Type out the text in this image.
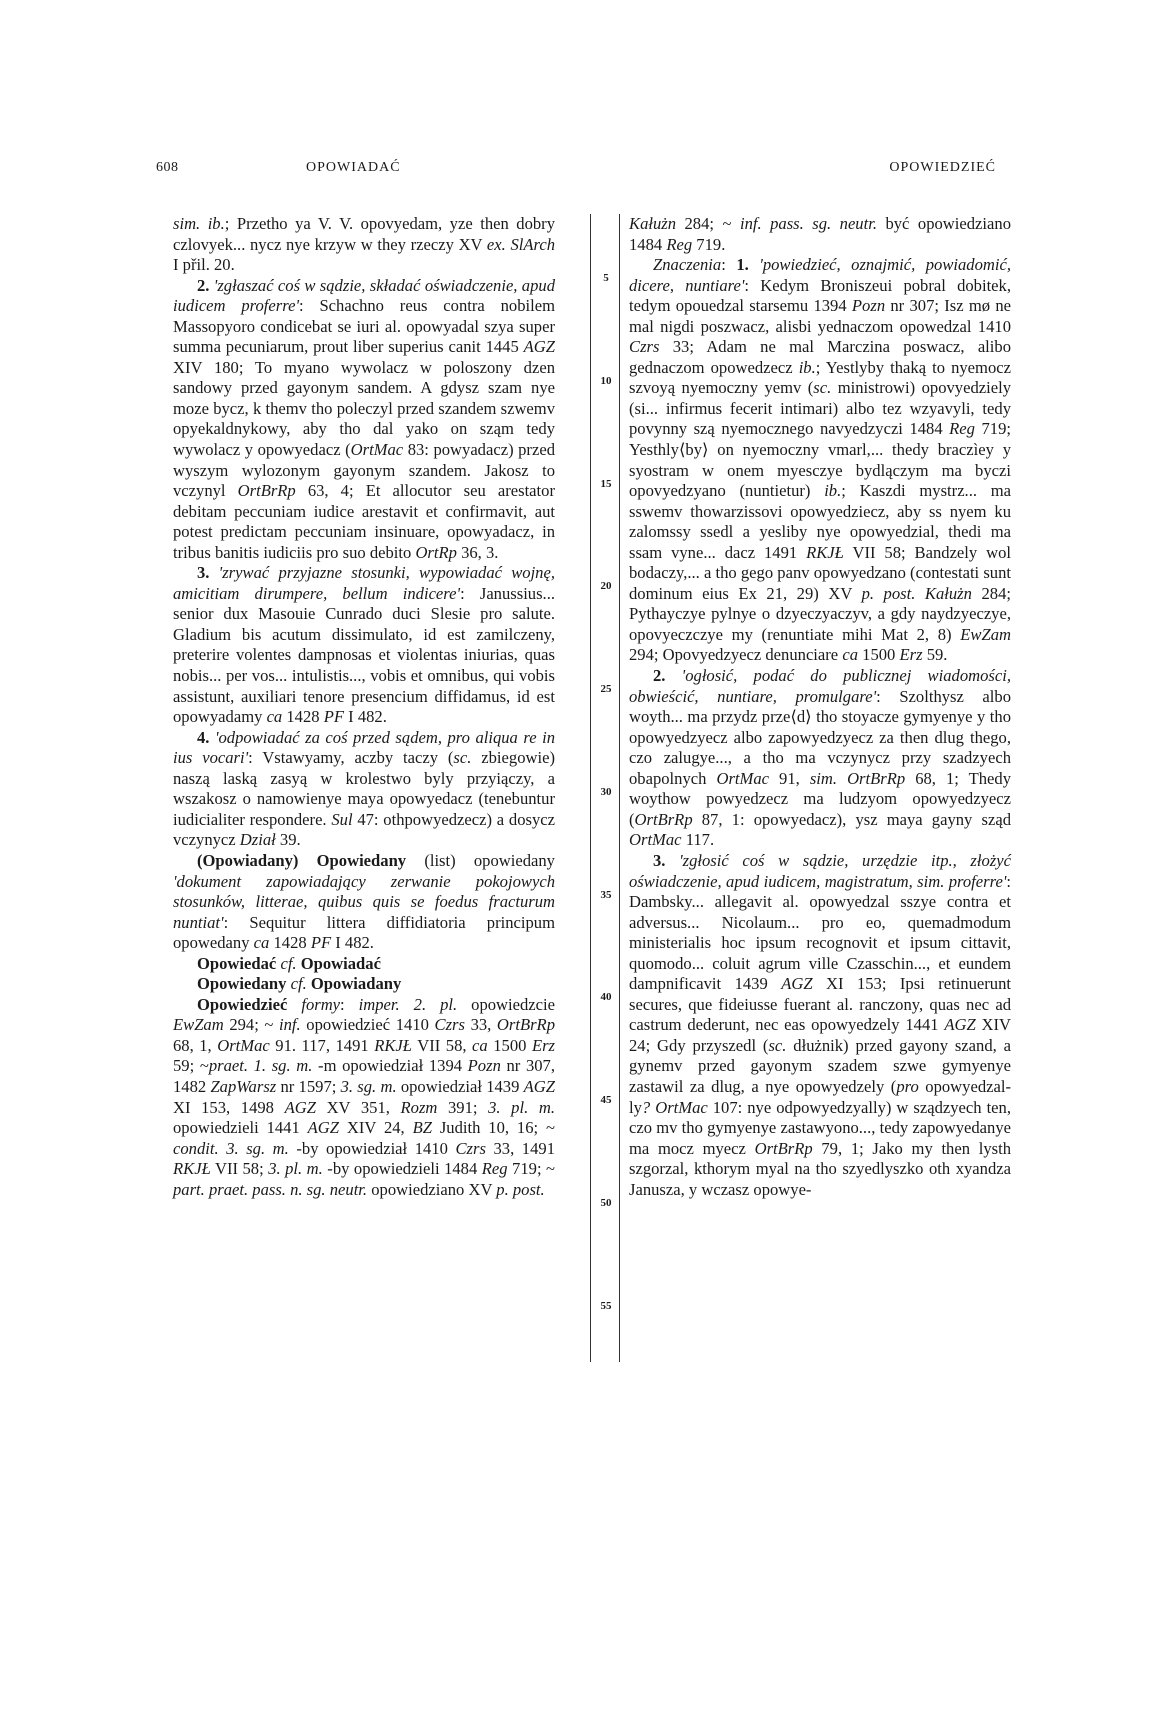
608	OPOWIADAĆ	OPOWIEDZIEĆ

sim. ib.; Przetho ya V. V. opovyedam, yze then dobry czlovyek... nycz nye krzyw w they rzeczy XV ex. SlArch I přil. 20.

2. 'zgłaszać coś w sądzie, składać oświadczenie, apud iudicem proferre': Schachno reus contra nobilem Massopyoro condicebat se iuri al. opowyadal szya super summa pecuniarum, prout liber superius canit 1445 AGZ XIV 180; To myano wywolacz w poloszony dzen sandowy przed gayonym sandem. A gdysz szam nye moze bycz, k themv tho poleczyl przed szandem szwemv opyekaldnykowy, aby tho dal yako on sząm tedy wywolacz y opowyedacz (OrtMac 83: powyadacz) przed wyszym wylozonym gayonym szandem. Jakosz to vczynyl OrtBrRp 63, 4; Et allocutor seu arestator debitam peccuniam iudice arestavit et confirmavit, aut potest predictam peccuniam insinuare, opowyadacz, in tribus banitis iudiciis pro suo debito OrtRp 36, 3.

3. 'zrywać przyjazne stosunki, wypowiadać wojnę, amicitiam dirumpere, bellum indicere': Janussius... senior dux Masouie Cunrado duci Slesie pro salute. Gladium bis acutum dissimulato, id est zamilczeny, preterire volentes dampnosas et violentas iniurias, quas nobis... per vos... intulistis..., vobis et omnibus, qui vobis assistunt, auxiliari tenore presencium diffidamus, id est opowyadamy ca 1428 PF I 482.

4. 'odpowiadać za coś przed sądem, pro aliqua re in ius vocari': Vstawyamy, aczby taczy (sc. zbiegowie) naszą laską zasyą w krolestwo byly przyiączy, a wszakosz o namowienye maya opowyedacz (tenebuntur iudicialiter respondere. Sul 47: othpowyedzecz) a dosycz vczynycz Dział 39.

(Opowiadany) Opowiedany (list) opowiedany 'dokument zapowiadający zerwanie pokojowych stosunków, litterae, quibus quis se foedus fracturum nuntiat': Sequitur littera diffidiatoria principum opowedany ca 1428 PF I 482.

Opowiedać cf. Opowiadać

Opowiedany cf. Opowiadany

Opowiedzieć formy: imper. 2. pl. opowiedzcie EwZam 294; ~ inf. opowiedzieć 1410 Czrs 33, OrtBrRp 68, 1, OrtMac 91. 117, 1491 RKJŁ VII 58, ca 1500 Erz 59; ~praet. 1. sg. m. -m opowiedział 1394 Pozn nr 307, 1482 ZapWarsz nr 1597; 3. sg. m. opowiedział 1439 AGZ XI 153, 1498 AGZ XV 351, Rozm 391; 3. pl. m. opowiedzieli 1441 AGZ XIV 24, BZ Judith 10, 16; ~ condit. 3. sg. m. -by opowiedział 1410 Czrs 33, 1491 RKJŁ VII 58; 3. pl. m. -by opowiedzieli 1484 Reg 719; ~ part. praet. pass. n. sg. neutr. opowiedziano XV p. post.

5
10
15
20
25
30
35
40
45
50
55

Kałużn 284; ~ inf. pass. sg. neutr. być opowiedziano 1484 Reg 719.

Znaczenia: 1. 'powiedzieć, oznajmić, powiadomić, dicere, nuntiare': Kedym Broniszeui pobral dobitek, tedym opouedzal starsemu 1394 Pozn nr 307; Isz mø ne mal nigdi poszwacz, alisbi yednaczom opowedzal 1410 Czrs 33; Adam ne mal Marczina poswacz, alibo gednaczom opowedzecz ib.; Yestlyby thaką to nyemocz szvoyą nyemoczny yemv (sc. ministrowi) opovyedziely (si... infirmus fecerit intimari) albo tez wzyavyli, tedy povynny szą nyemocznego navyedzyczi 1484 Reg 719; Yesthly⟨by⟩ on nyemoczny vmarl,... thedy braczìey y syostram w onem myesczye bydlączym ma byczi opovyedzyano (nuntietur) ib.; Kaszdi mystrz... ma sswemv thowarzissovi opowyedziecz, aby ss nyem ku zalomssy ssedl a yesliby nye opowyedzial, thedi ma ssam vyne... dacz 1491 RKJŁ VII 58; Bandzely wol bodaczy,... a tho gego panv opowyedzano (contestati sunt dominum eius Ex 21, 29) XV p. post. Kałużn 284; Pythayczye pylnye o dzyeczyaczyv, a gdy naydzyeczye, opovyeczczye my (renuntiate mihi Mat 2, 8) EwZam 294; Opovyedzyecz denunciare ca 1500 Erz 59.

2. 'ogłosić, podać do publicznej wiadomości, obwieścić, nuntiare, promulgare': Szolthysz albo woyth... ma przydz prze⟨d⟩ tho stoyacze gymyenye y tho opowyedzyecz albo zapowyedzyecz za then dlug thego, czo zalugye..., a tho ma vczynycz przy szadzyech obapolnych OrtMac 91, sim. OrtBrRp 68, 1; Thedy woythow powyedzecz ma ludzyom opowyedzyecz (OrtBrRp 87, 1: opowyedacz), ysz maya gayny sząd OrtMac 117.

3. 'zgłosić coś w sądzie, urzędzie itp., złożyć oświadczenie, apud iudicem, magistratum, sim. proferre': Dambsky... allegavit al. opowyedzal sszye contra et adversus... Nicolaum... pro eo, quemadmodum ministerialis hoc ipsum recognovit et ipsum cittavit, quomodo... coluit agrum ville Czasschin..., et eundem dampnificavit 1439 AGZ XI 153; Ipsi retinuerunt secures, que fideiusse fuerant al. ranczony, quas nec ad castrum dederunt, nec eas opowyedzely 1441 AGZ XIV 24; Gdy przyszedl (sc. dłużnik) przed gayony szand, a gynemv przed gayonym szadem szwe gymyenye zastawil za dlug, a nye opowyedzely (pro opowyedzal-ly? OrtMac 107: nye odpowyedzyally) w sządzyech ten, czo mv tho gymyenye zastawyono..., tedy zapowyedanye ma mocz myecz OrtBrRp 79, 1; Jako my then lysth szgorzal, kthorym myal na tho szyedlyszko oth xyandza Janusza, y wczasz opowye-
